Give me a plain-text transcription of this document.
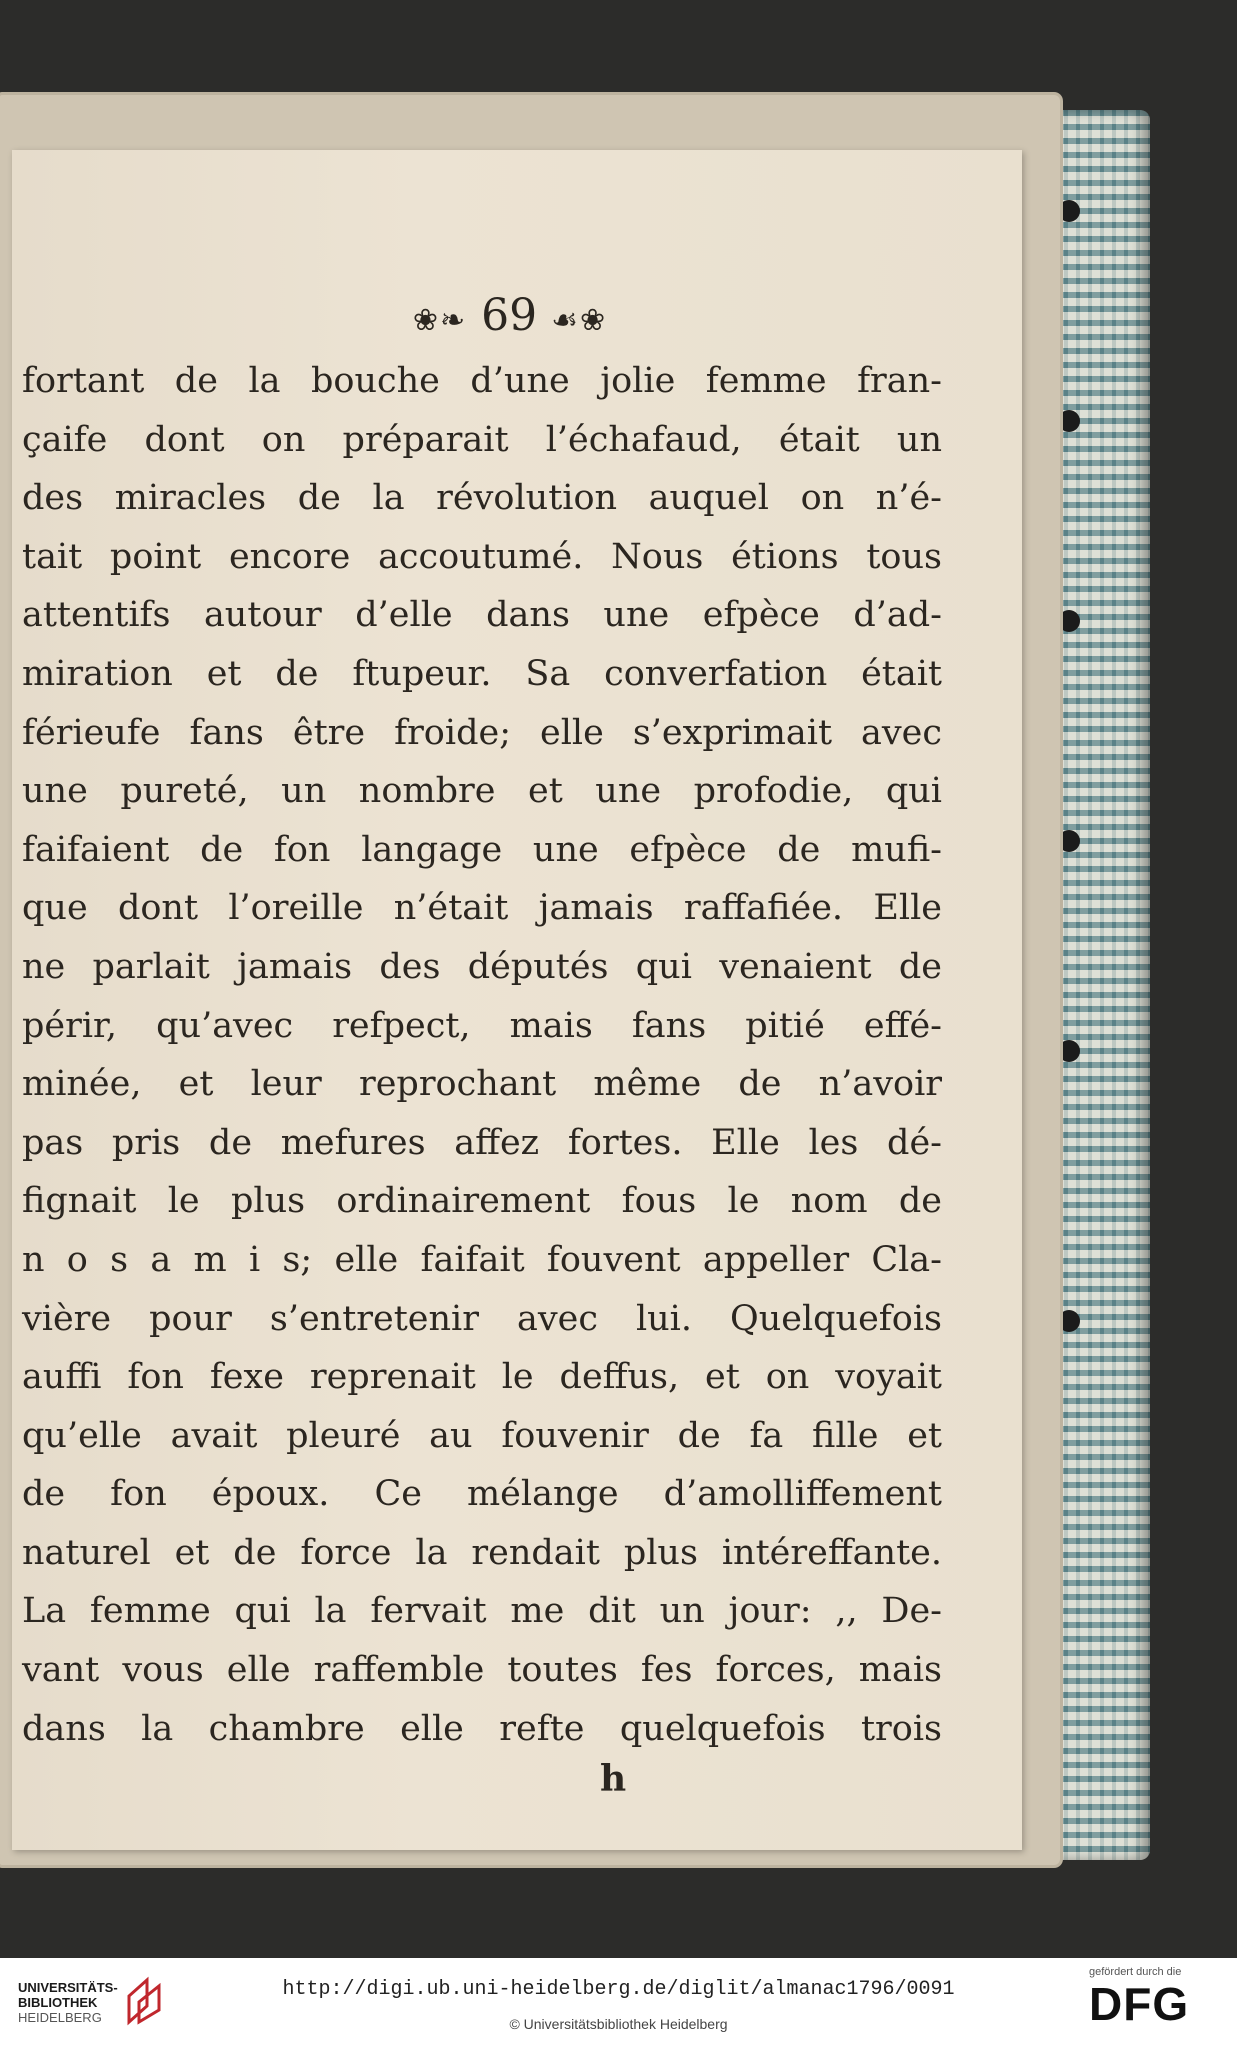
❀❧ 69 ☙❀
fortant de la bouche d’une jolie femme fran-
çaife dont on préparait l’échafaud, était un
des miracles de la révolution auquel on n’é-
tait point encore accoutumé. Nous étions tous
attentifs autour d’elle dans une efpèce d’ad-
miration et de ftupeur. Sa converfation était
férieufe fans être froide; elle s’exprimait avec
une pureté, un nombre et une profodie, qui
faifaient de fon langage une efpèce de mufi-
que dont l’oreille n’était jamais raffafiée. Elle
ne parlait jamais des députés qui venaient de
périr, qu’avec refpect, mais fans pitié effé-
minée, et leur reprochant même de n’avoir
pas pris de mefures affez fortes. Elle les dé-
fignait le plus ordinairement fous le nom de
n o s a m i s; elle faifait fouvent appeller Cla-
vière pour s’entretenir avec lui. Quelquefois
auffi fon fexe reprenait le deffus, et on voyait
qu’elle avait pleuré au fouvenir de fa fille et
de fon époux. Ce mélange d’amolliffement
naturel et de force la rendait plus intéreffante.
La femme qui la fervait me dit un jour: ,, De-
vant vous elle raffemble toutes fes forces, mais
dans la chambre elle refte quelquefois trois
h
UNIVERSITÄTS-
BIBLIOTHEK
HEIDELBERG
http://digi.ub.uni-heidelberg.de/diglit/almanac1796/0091
© Universitätsbibliothek Heidelberg
gefördert durch die
DFG
